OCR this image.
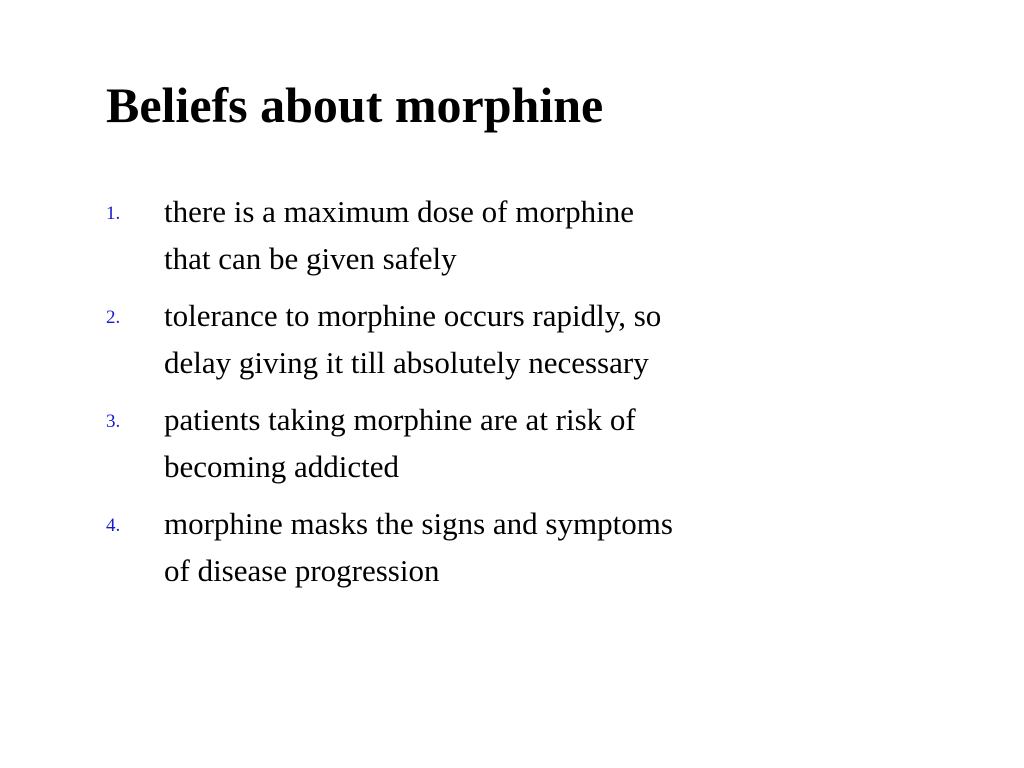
Beliefs about morphine
1. there is a maximum dose of morphine
that can be given safely
2. tolerance to morphine occurs rapidly, so
delay giving it till absolutely necessary
3. patients taking morphine are at risk of
becoming addicted
4. morphine masks the signs and symptoms
of disease progression
